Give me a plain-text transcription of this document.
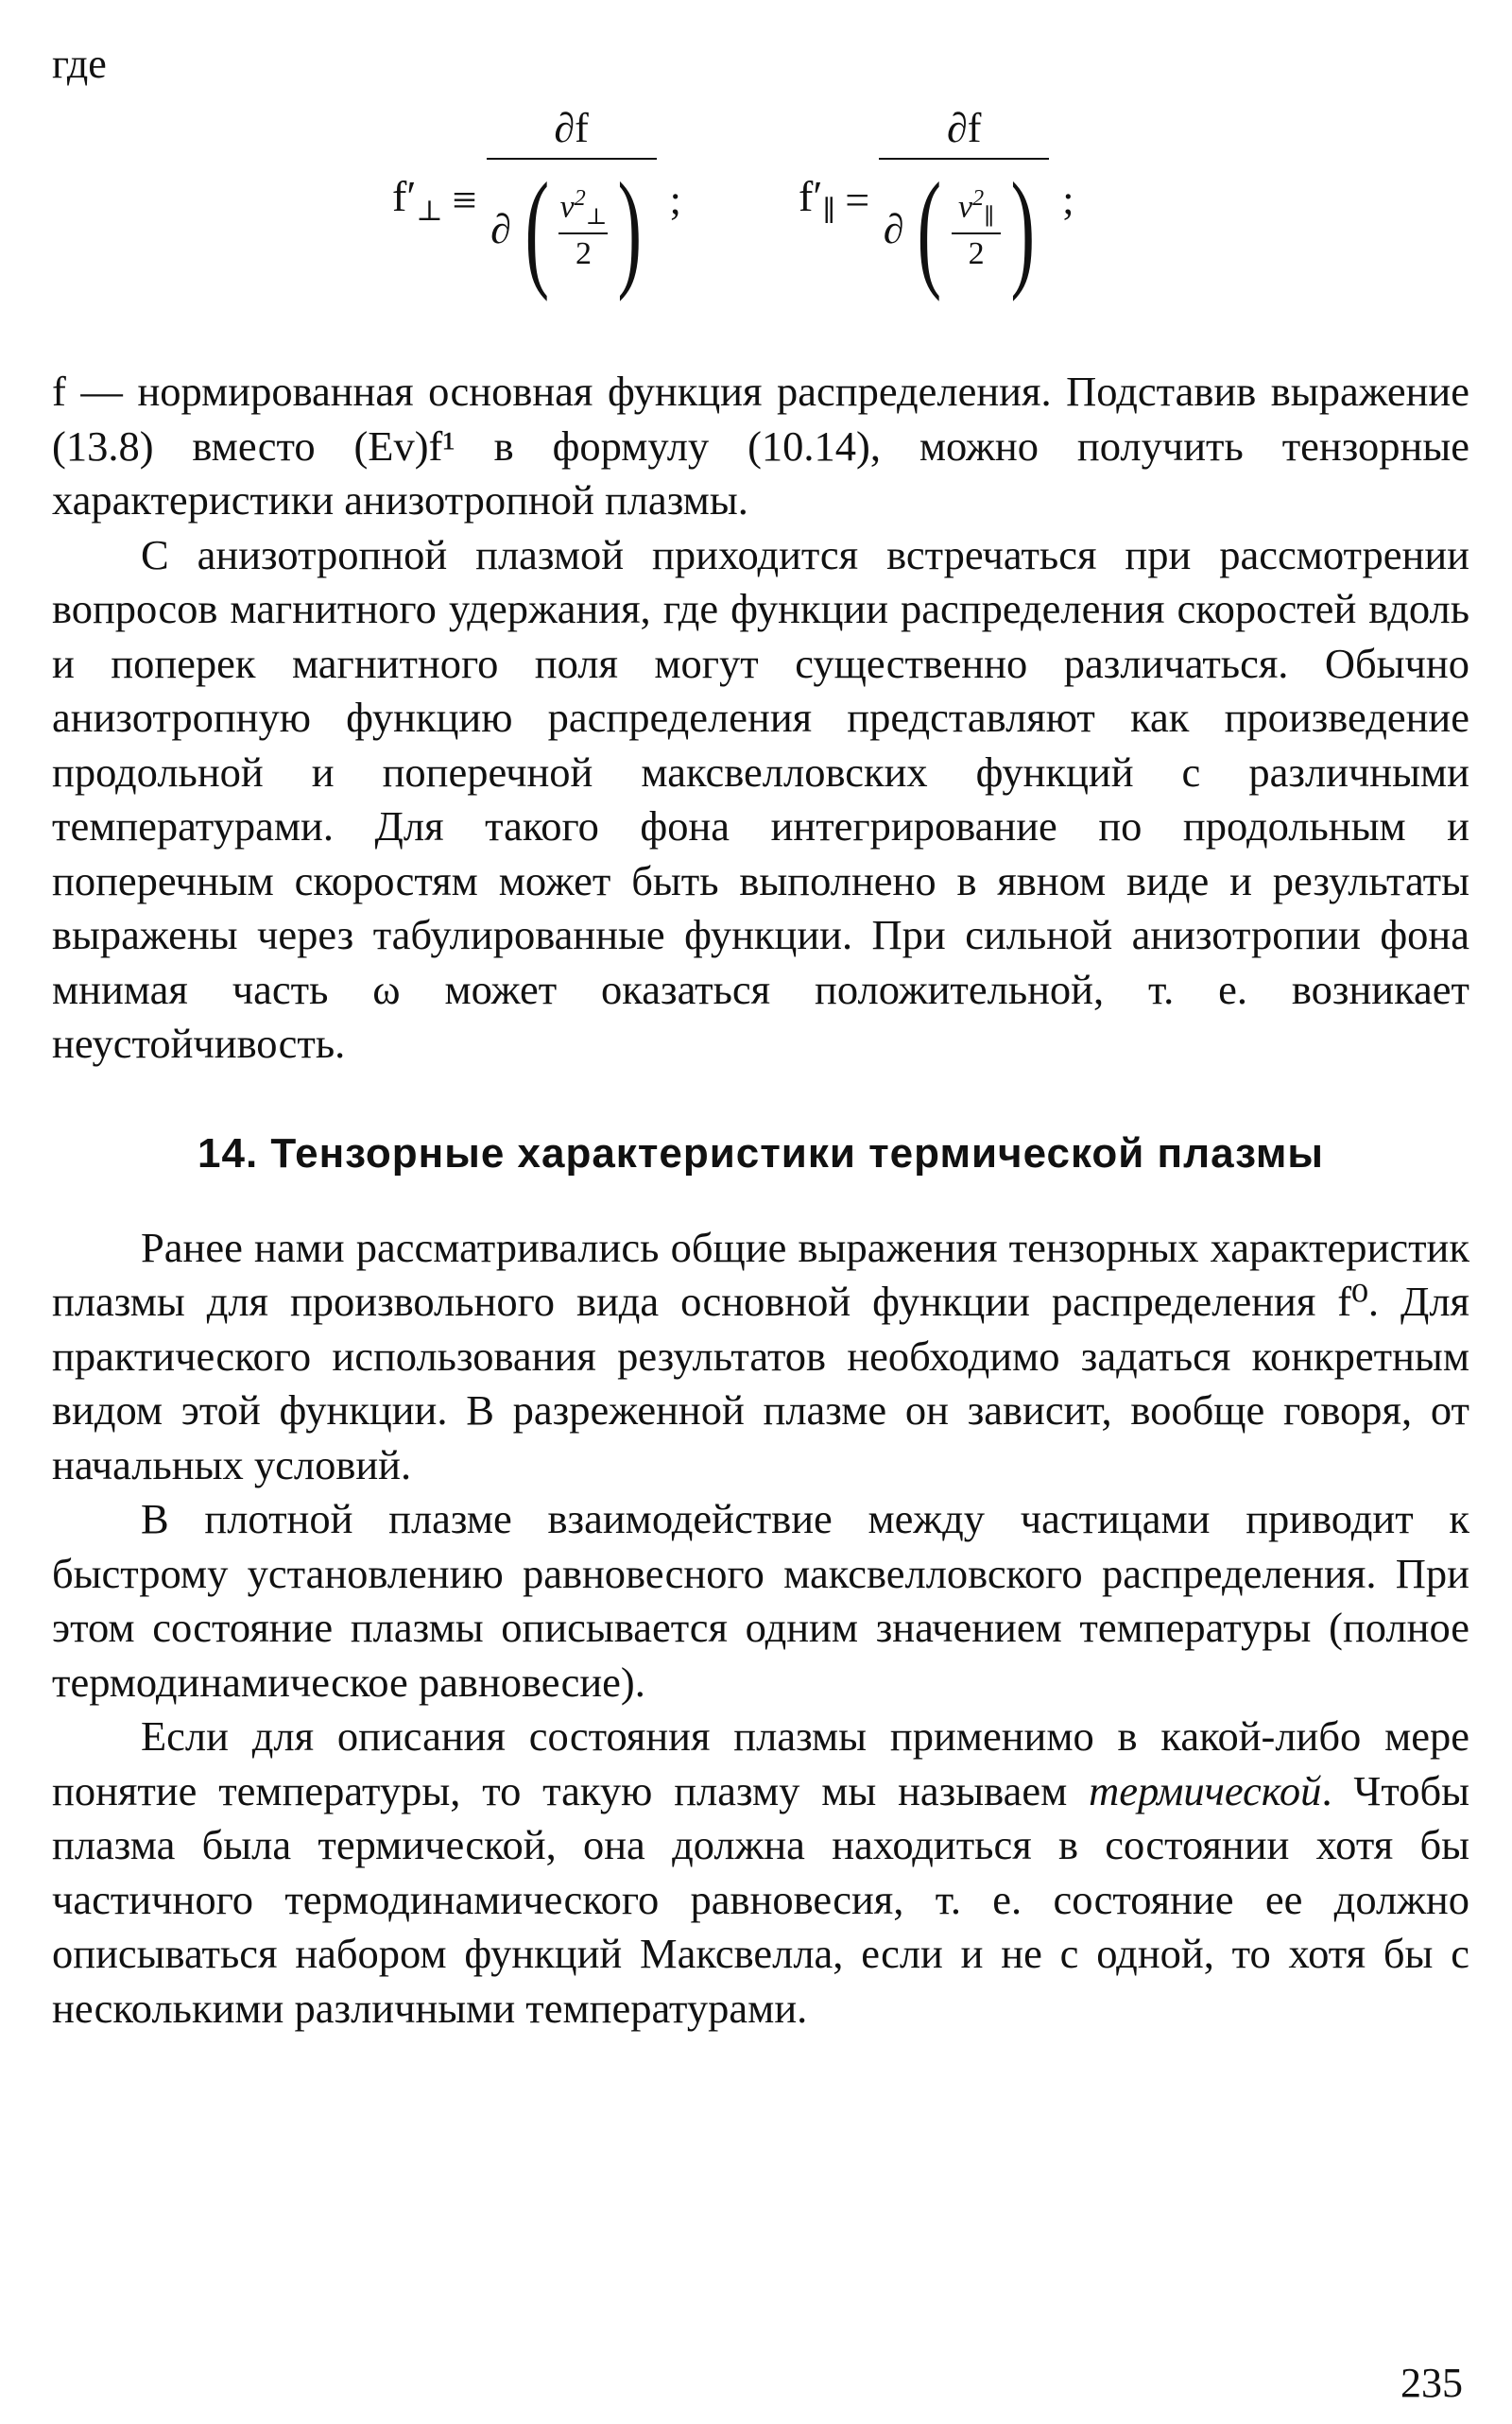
где

$f'_\perp$ ≡
∂f
∂ ( $\frac{v^2_\perp}{2}$ ) ;	$f'_\parallel$ =
∂f
∂ ( $\frac{v^2_\parallel}{2}$ ) ;

f — нормированная основная функция распределения. Подставив выражение (13.8) вместо (Ev)f¹ в формулу (10.14), можно получить тензорные характеристики анизотропной плазмы.

С анизотропной плазмой приходится встречаться при рассмотрении вопросов магнитного удержания, где функции распределения скоростей вдоль и поперек магнитного поля могут существенно различаться. Обычно анизотропную функцию распределения представляют как произведение продольной и поперечной максвелловских функций с различными температурами. Для такого фона интегрирование по продольным и поперечным скоростям может быть выполнено в явном виде и результаты выражены через табулированные функции. При сильной анизотропии фона мнимая часть ω может оказаться положительной, т. е. возникает неустойчивость.

14. Тензорные характеристики термической плазмы

Ранее нами рассматривались общие выражения тензорных характеристик плазмы для произвольного вида основной функции распределения f⁰. Для практического использования результатов необходимо задаться конкретным видом этой функции. В разреженной плазме он зависит, вообще говоря, от начальных условий.

В плотной плазме взаимодействие между частицами приводит к быстрому установлению равновесного максвелловского распределения. При этом состояние плазмы описывается одним значением температуры (полное термодинамическое равновесие).

Если для описания состояния плазмы применимо в какой-либо мере понятие температуры, то такую плазму мы называем термической. Чтобы плазма была термической, она должна находиться в состоянии хотя бы частичного термодинамического равновесия, т. е. состояние ее должно описываться набором функций Максвелла, если и не с одной, то хотя бы с несколькими различными температурами.

235
